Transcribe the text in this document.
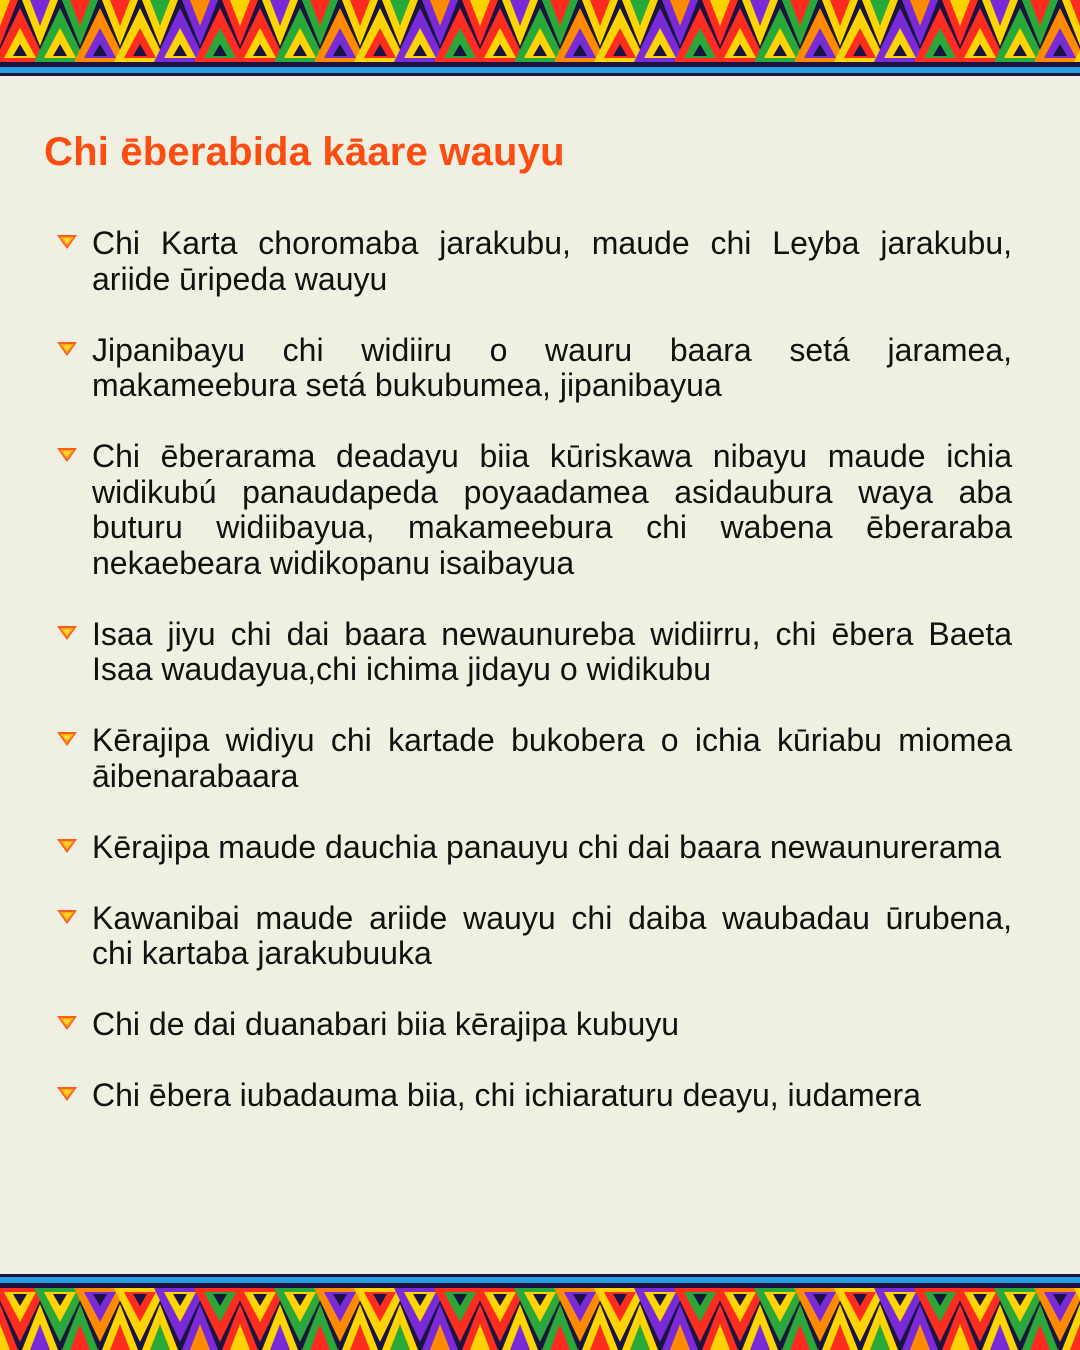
Chi ēberabida kāare wauyu
Chi Karta choromaba jarakubu, maude chi Leyba jarakubu, ariide ūripeda wauyu
Jipanibayu chi widiiru o wauru baara setá jaramea, makameebura setá bukubumea, jipanibayua
Chi ēberarama deadayu biia kūriskawa nibayu maude ichia widikubú panaudapeda poyaadamea asidaubura waya aba buturu widiibayua, makameebura chi wabena ēberaraba nekaebeara widikopanu isaibayua
Isaa jiyu chi dai baara newaunureba widiirru, chi ēbera Baeta Isaa waudayua,chi ichima jidayu o widikubu
Kērajipa widiyu chi kartade bukobera o ichia kūriabu miomea āibenarabaara
Kērajipa maude dauchia panauyu chi dai baara newaunurerama
Kawanibai maude ariide wauyu chi daiba waubadau ūrubena, chi kartaba jarakubuuka
Chi de dai duanabari biia kērajipa kubuyu
Chi ēbera iubadauma biia, chi ichiaraturu deayu, iudamera
